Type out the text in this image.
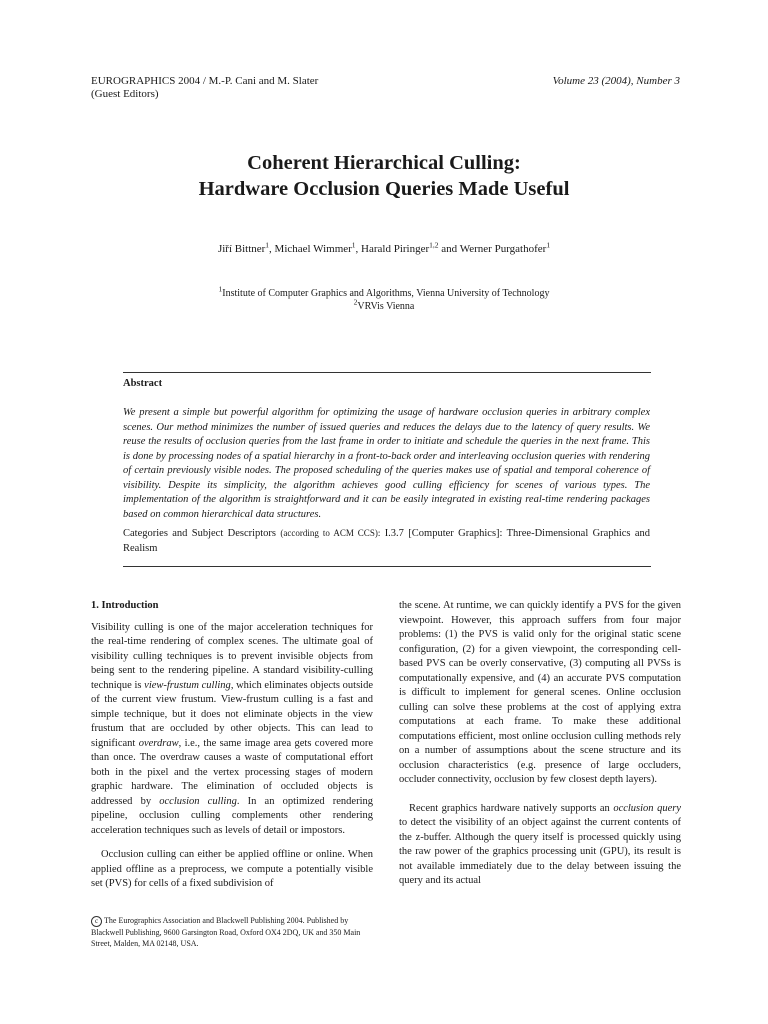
EUROGRAPHICS 2004 / M.-P. Cani and M. Slater
(Guest Editors)
Volume 23 (2004), Number 3
Coherent Hierarchical Culling:
Hardware Occlusion Queries Made Useful
Jiří Bittner$^1$, Michael Wimmer$^1$, Harald Piringer$^{1,2}$ and Werner Purgathofer$^1$
$^1$Institute of Computer Graphics and Algorithms, Vienna University of Technology
$^2$VRVis Vienna
Abstract
We present a simple but powerful algorithm for optimizing the usage of hardware occlusion queries in arbitrary complex scenes. Our method minimizes the number of issued queries and reduces the delays due to the latency of query results. We reuse the results of occlusion queries from the last frame in order to initiate and schedule the queries in the next frame. This is done by processing nodes of a spatial hierarchy in a front-to-back order and interleaving occlusion queries with rendering of certain previously visible nodes. The proposed scheduling of the queries makes use of spatial and temporal coherence of visibility. Despite its simplicity, the algorithm achieves good culling efficiency for scenes of various types. The implementation of the algorithm is straightforward and it can be easily integrated in existing real-time rendering packages based on common hierarchical data structures.
Categories and Subject Descriptors (according to ACM CCS): I.3.7 [Computer Graphics]: Three-Dimensional Graphics and Realism

1. Introduction

Visibility culling is one of the major acceleration techniques for the real-time rendering of complex scenes. The ultimate goal of visibility culling techniques is to prevent invisible objects from being sent to the rendering pipeline. A standard visibility-culling technique is view-frustum culling, which eliminates objects outside of the current view frustum. View-frustum culling is a fast and simple technique, but it does not eliminate objects in the view frustum that are occluded by other objects. This can lead to significant overdraw, i.e., the same image area gets covered more than once. The overdraw causes a waste of computational effort both in the pixel and the vertex processing stages of modern graphic hardware. The elimination of occluded objects is addressed by occlusion culling. In an optimized rendering pipeline, occlusion culling complements other rendering acceleration techniques such as levels of detail or impostors.

Occlusion culling can either be applied offline or online. When applied offline as a preprocess, we compute a potentially visible set (PVS) for cells of a fixed subdivision of

the scene. At runtime, we can quickly identify a PVS for the given viewpoint. However, this approach suffers from four major problems: (1) the PVS is valid only for the original static scene configuration, (2) for a given viewpoint, the corresponding cell-based PVS can be overly conservative, (3) computing all PVSs is computationally expensive, and (4) an accurate PVS computation is difficult to implement for general scenes. Online occlusion culling can solve these problems at the cost of applying extra computations at each frame. To make these additional computations efficient, most online occlusion culling methods rely on a number of assumptions about the scene structure and its occlusion characteristics (e.g. presence of large occluders, occluder connectivity, occlusion by few closest depth layers).

Recent graphics hardware natively supports an occlusion query to detect the visibility of an object against the current contents of the z-buffer. Although the query itself is processed quickly using the raw power of the graphics processing unit (GPU), its result is not available immediately due to the delay between issuing the query and its actual

c The Eurographics Association and Blackwell Publishing 2004. Published by Blackwell Publishing, 9600 Garsington Road, Oxford OX4 2DQ, UK and 350 Main Street, Malden, MA 02148, USA.
